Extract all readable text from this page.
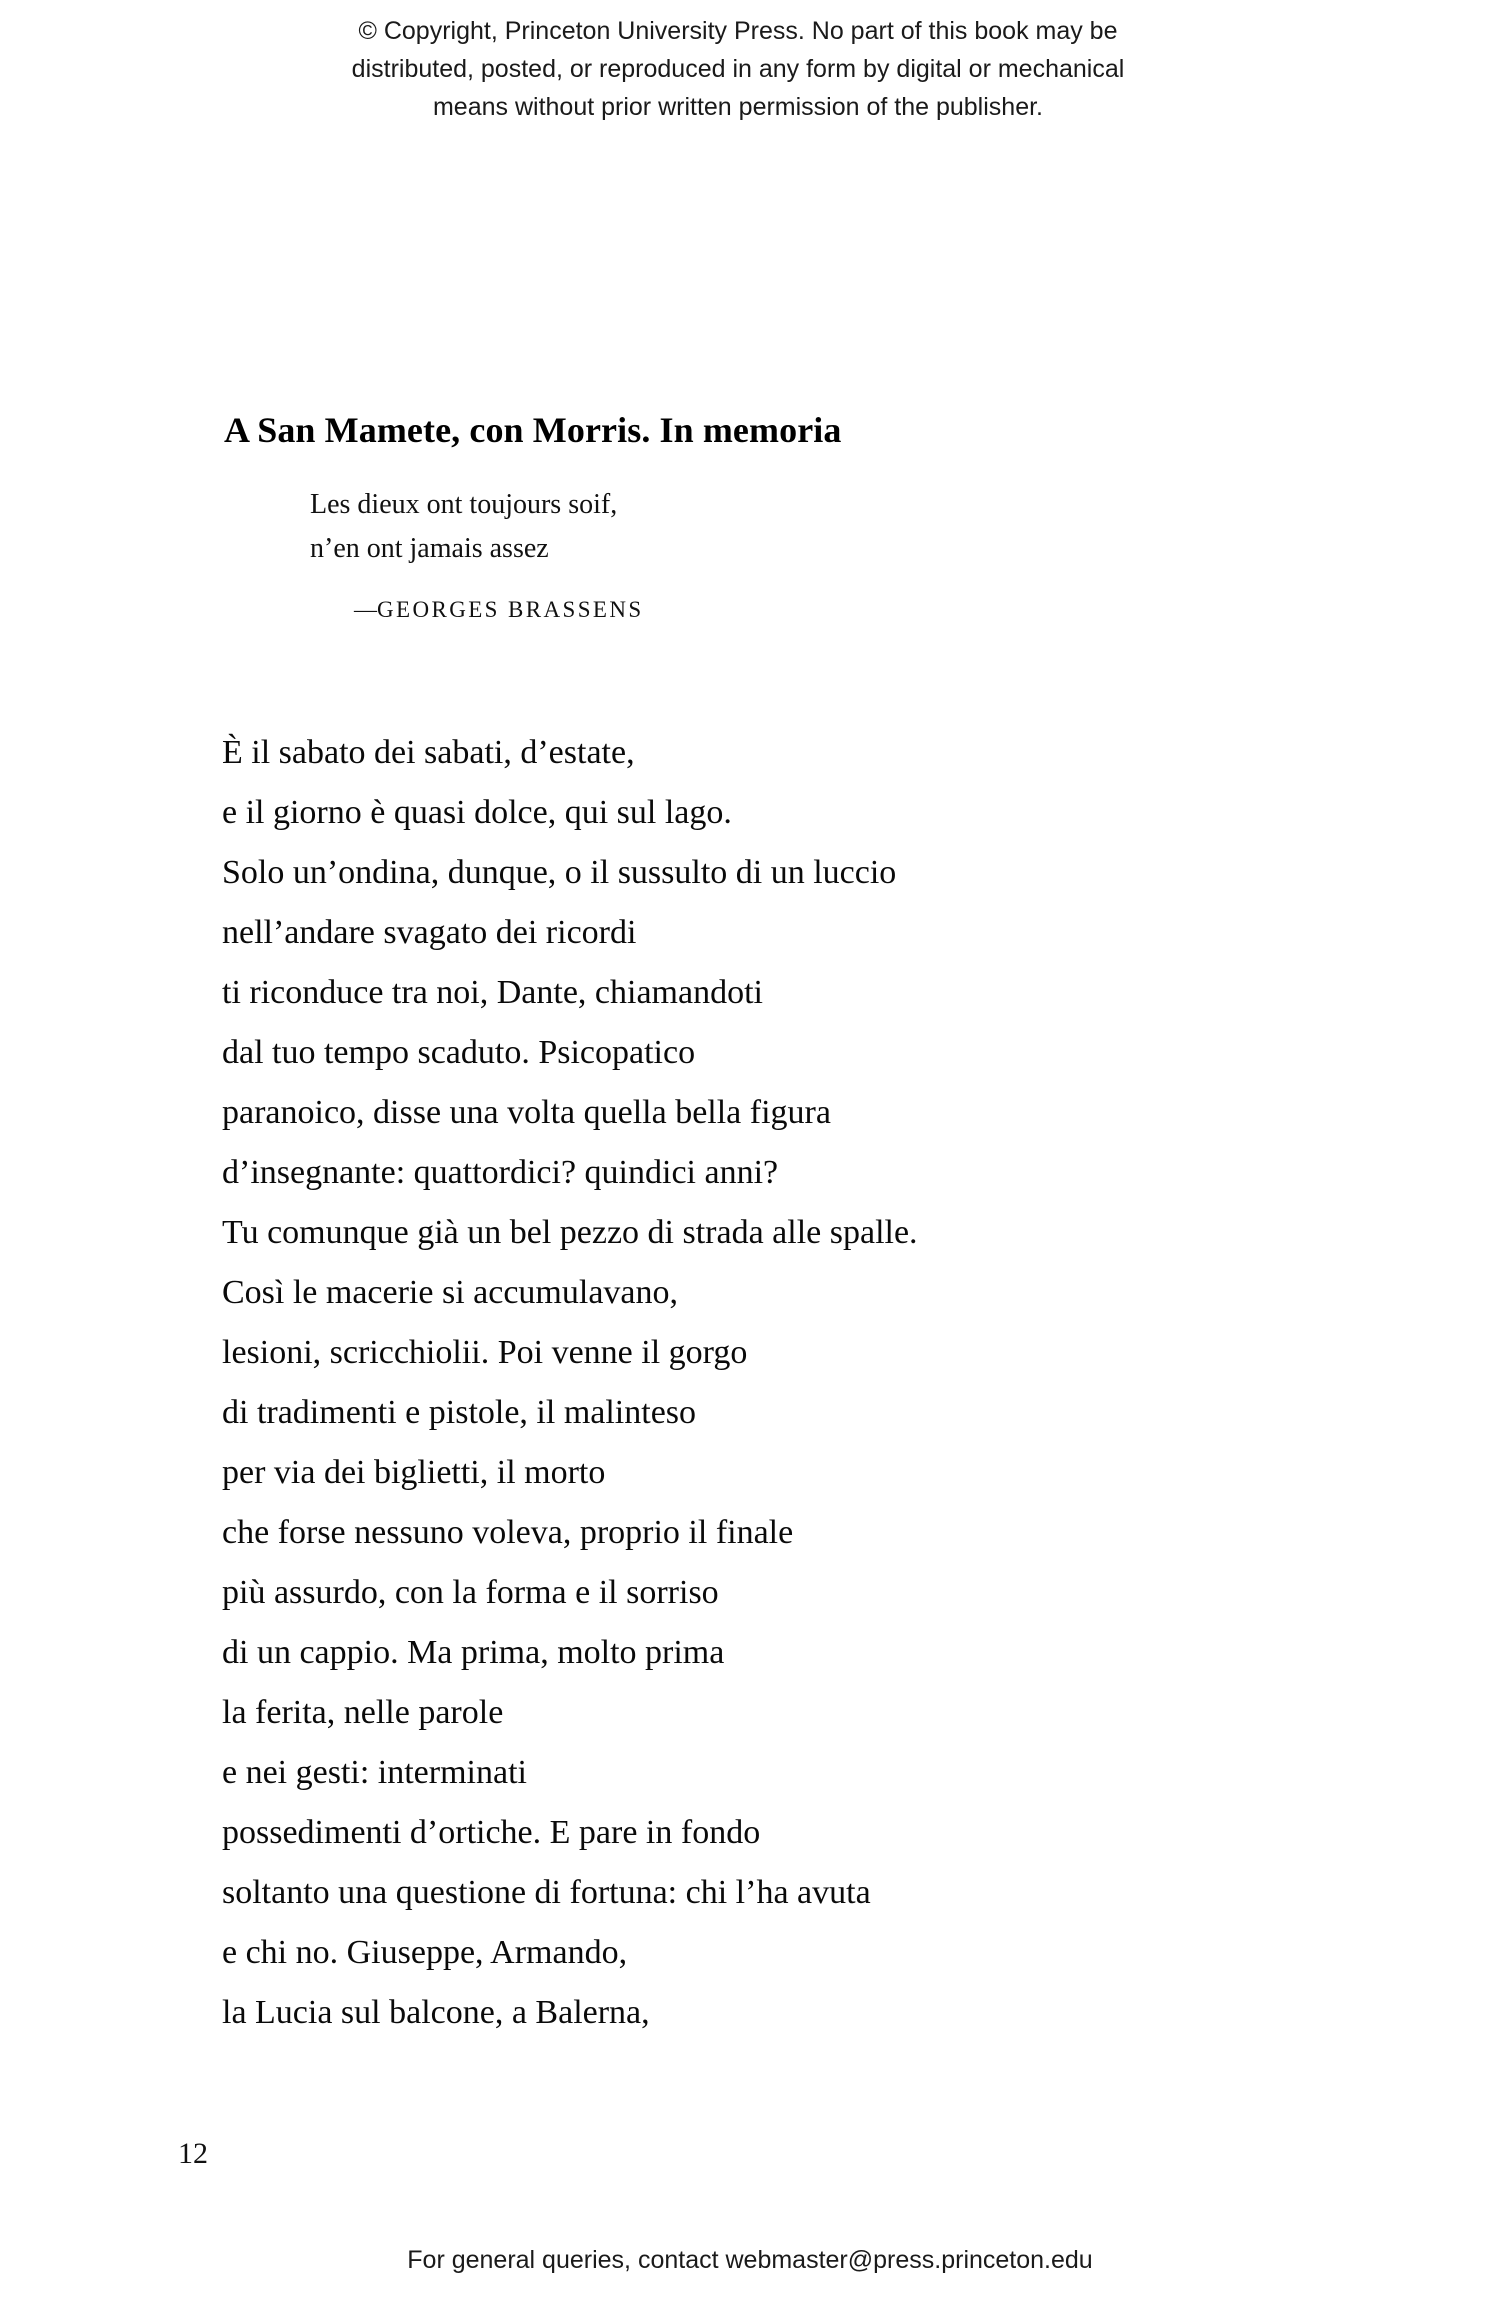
© Copyright, Princeton University Press. No part of this book may be
distributed, posted, or reproduced in any form by digital or mechanical
means without prior written permission of the publisher.
A San Mamete, con Morris. In memoria
Les dieux ont toujours soif,
n’en ont jamais assez
—GEORGES BRASSENS
È il sabato dei sabati, d’estate,
e il giorno è quasi dolce, qui sul lago.
Solo un’ondina, dunque, o il sussulto di un luccio
nell’andare svagato dei ricordi
ti riconduce tra noi, Dante, chiamandoti
dal tuo tempo scaduto. Psicopatico
paranoico, disse una volta quella bella figura
d’insegnante: quattordici? quindici anni?
Tu comunque già un bel pezzo di strada alle spalle.
Così le macerie si accumulavano,
lesioni, scricchiolii. Poi venne il gorgo
di tradimenti e pistole, il malinteso
per via dei biglietti, il morto
che forse nessuno voleva, proprio il finale
più assurdo, con la forma e il sorriso
di un cappio. Ma prima, molto prima
la ferita, nelle parole
e nei gesti: interminati
possedimenti d’ortiche. E pare in fondo
soltanto una questione di fortuna: chi l’ha avuta
e chi no. Giuseppe, Armando,
la Lucia sul balcone, a Balerna,
12
For general queries, contact webmaster@press.princeton.edu
